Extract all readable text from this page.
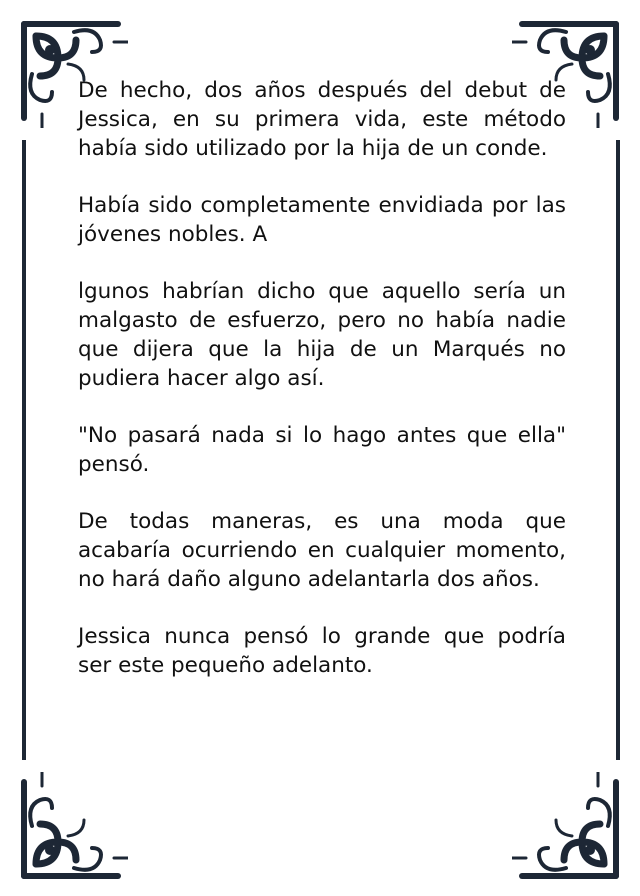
De hecho, dos años después del debut de Jessica, en su primera vida, este método había sido utilizado por la hija de un conde.

Había sido completamente envidiada por las jóvenes nobles. A

lgunos habrían dicho que aquello sería un malgasto de esfuerzo, pero no había nadie que dijera que la hija de un Marqués no pudiera hacer algo así.

"No pasará nada si lo hago antes que ella" pensó.

De todas maneras, es una moda que acabaría ocurriendo en cualquier momento, no hará daño alguno adelantarla dos años.

Jessica nunca pensó lo grande que podría ser este pequeño adelanto.
